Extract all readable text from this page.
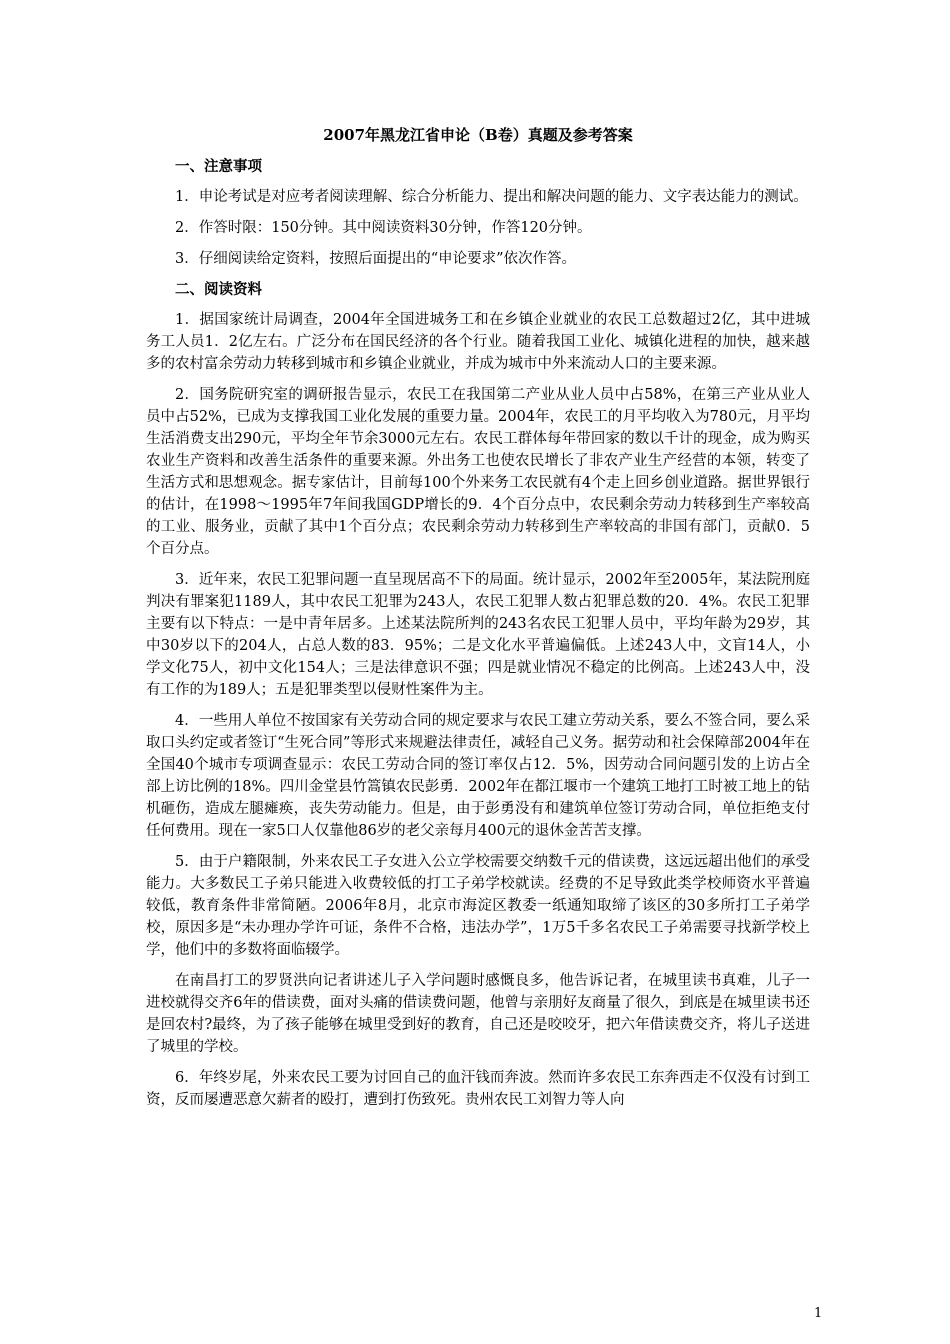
2007年黑龙江省申论（B卷）真题及参考答案
一、注意事项

1．申论考试是对应考者阅读理解、综合分析能力、提出和解决问题的能力、文字表达能力的测试。

2．作答时限：150分钟。其中阅读资料30分钟，作答120分钟。

3．仔细阅读给定资料，按照后面提出的“申论要求”依次作答。

二、阅读资料

1．据国家统计局调查，2004年全国进城务工和在乡镇企业就业的农民工总数超过2亿，其中进城务工人员1．2亿左右。广泛分布在国民经济的各个行业。随着我国工业化、城镇化进程的加快，越来越多的农村富余劳动力转移到城市和乡镇企业就业，并成为城市中外来流动人口的主要来源。

2．国务院研究室的调研报告显示，农民工在我国第二产业从业人员中占58%，在第三产业从业人员中占52%，已成为支撑我国工业化发展的重要力量。2004年，农民工的月平均收入为780元，月平均生活消费支出290元，平均全年节余3000元左右。农民工群体每年带回家的数以千计的现金，成为购买农业生产资料和改善生活条件的重要来源。外出务工也使农民增长了非农产业生产经营的本领，转变了生活方式和思想观念。据专家估计，目前每100个外来务工农民就有4个走上回乡创业道路。据世界银行的估计，在1998～1995年7年间我国GDP增长的9．4个百分点中，农民剩余劳动力转移到生产率较高的工业、服务业，贡献了其中1个百分点；农民剩余劳动力转移到生产率较高的非国有部门，贡献0．5个百分点。

3．近年来，农民工犯罪问题一直呈现居高不下的局面。统计显示，2002年至2005年，某法院刑庭判决有罪案犯1189人，其中农民工犯罪为243人，农民工犯罪人数占犯罪总数的20．4%。农民工犯罪主要有以下特点：一是中青年居多。上述某法院所判的243名农民工犯罪人员中，平均年龄为29岁，其中30岁以下的204人，占总人数的83．95%；二是文化水平普遍偏低。上述243人中，文盲14人，小学文化75人，初中文化154人；三是法律意识不强；四是就业情况不稳定的比例高。上述243人中，没有工作的为189人；五是犯罪类型以侵财性案件为主。

4．一些用人单位不按国家有关劳动合同的规定要求与农民工建立劳动关系，要么不签合同，要么采取口头约定或者签订“生死合同”等形式来规避法律责任，减轻自己义务。据劳动和社会保障部2004年在全国40个城市专项调查显示：农民工劳动合同的签订率仅占12．5%，因劳动合同问题引发的上访占全部上访比例的18%。四川金堂县竹篙镇农民彭勇．2002年在都江堰市一个建筑工地打工时被工地上的钻机砸伤，造成左腿瘫痪，丧失劳动能力。但是，由于彭勇没有和建筑单位签订劳动合同，单位拒绝支付任何费用。现在一家5口人仅靠他86岁的老父亲每月400元的退休金苦苦支撑。

5．由于户籍限制，外来农民工子女进入公立学校需要交纳数千元的借读费，这远远超出他们的承受能力。大多数民工子弟只能进入收费较低的打工子弟学校就读。经费的不足导致此类学校师资水平普遍较低，教育条件非常简陋。2006年8月，北京市海淀区教委一纸通知取缔了该区的30多所打工子弟学校，原因多是“未办理办学许可证，条件不合格，违法办学”，1万5千多名农民工子弟需要寻找新学校上学，他们中的多数将面临辍学。

在南昌打工的罗贤洪向记者讲述儿子入学问题时感慨良多，他告诉记者，在城里读书真难，儿子一进校就得交齐6年的借读费，面对头痛的借读费问题，他曾与亲朋好友商量了很久，到底是在城里读书还是回农村?最终，为了孩子能够在城里受到好的教育，自己还是咬咬牙，把六年借读费交齐，将儿子送进了城里的学校。

6．年终岁尾，外来农民工要为讨回自己的血汗钱而奔波。然而许多农民工东奔西走不仅没有讨到工资，反而屡遭恶意欠薪者的殴打，遭到打伤致死。贵州农民工刘智力等人向

1
